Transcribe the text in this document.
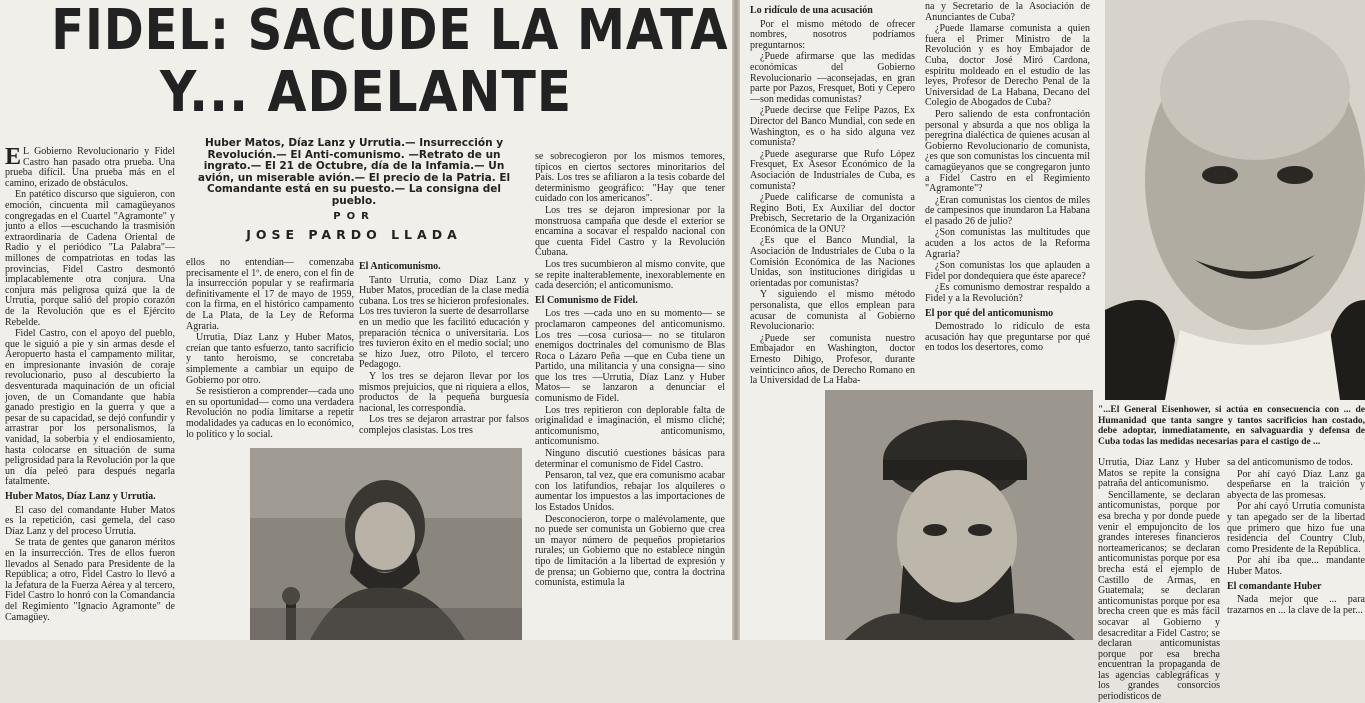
FIDEL: SACUDE LA MATA
Y... ADELANTE

E L Gobierno Revolucionario y Fidel Castro han pasado otra prueba. Una prueba difícil. Una prueba más en el camino, erizado de obstáculos.

En patético discurso que siguieron, con emoción, cincuenta mil camagüeyanos congregadas en el Cuartel "Agramonte" y junto a ellos —escuchando la trasmisión extraordinaria de Cadena Oriental de Radio y el periódico "La Palabra"— millones de compatriotas en todas las provincias, Fidel Castro desmontó implacablemente otra conjura. Una conjura más peligrosa quizá que la de Urrutia, porque salió del propio corazón de la Revolución que es el Ejército Rebelde.

Fidel Castro, con el apoyo del pueblo, que le siguió a pie y sin armas desde el Aeropuerto hasta el campamento militar, en impresionante invasión de coraje revolucionario, puso al descubierto la desventurada maquinación de un oficial joven, de un Comandante que había ganado prestigio en la guerra y que a pesar de su capacidad, se dejó confundir y arrastrar por los personalismos, la vanidad, la soberbia y el endiosamiento, hasta colocarse en situación de suma peligrosidad para la Revolución por la que un día peleó para después negarla fatalmente.

Huber Matos, Díaz Lanz y Urrutia.

El caso del comandante Huber Matos es la repetición, casi gemela, del caso Díaz Lanz y del proceso Urrutia.

Se trata de gentes que ganaron méritos en la insurrección. Tres de ellos fueron llevados al Senado para Presidente de la República; a otro, Fidel Castro lo llevó a la Jefatura de la Fuerza Aérea y al tercero, Fidel Castro lo honró con la Comandancia del Regimiento "Ignacio Agramonte" de Camagüey.

Huber Matos, Díaz Lanz y Urrutia.— Insurrección y Revolución.— El Anti-comunismo. —Retrato de un ingrato.— El 21 de Octubre, día de la Infamia.— Un avión, un miserable avión.— El precio de la Patria. El Comandante está en su puesto.— La consigna del pueblo.
POR
JOSE PARDO LLADA

ellos no entendían— comenzaba precisamente el 1º. de enero, con el fin de la insurrección popular y se reafirmaría definitivamente el 17 de mayo de 1959, con la firma, en el histórico campamento de La Plata, de la Ley de Reforma Agraria.

Urrutia, Díaz Lanz y Huber Matos, creían que tanto esfuerzo, tanto sacrificio y tanto heroísmo, se concretaba simplemente a cambiar un equipo de Gobierno por otro.

Se resistieron a comprender—cada uno en su oportunidad— como una verdadera Revolución no podía limitarse a repetir modalidades ya caducas en lo económico, lo político y lo social.

El Anticomunismo.

Tanto Urrutia, como Díaz Lanz y Huber Matos, procedían de la clase media cubana. Los tres se hicieron profesionales. Los tres tuvieron la suerte de desarrollarse en un medio que les facilitó educación y preparación técnica o universitaria. Los tres tuvieron éxito en el medio social; uno se hizo Juez, otro Piloto, el tercero Pedagogo.

Y los tres se dejaron llevar por los mismos prejuicios, que ni riquiera a ellos, productos de la pequeña burguesía nacional, les correspondía.

Los tres se dejaron arrastrar por falsos complejos clasistas. Los tres

se sobrecogieron por los mismos temores, típicos en ciertos sectores minoritarios del País. Los tres se afiliaron a la tesis cobarde del determinismo geográfico: "Hay que tener cuidado con los americanos".

Los tres se dejaron impresionar por la monstruosa campaña que desde el exterior se encamina a socavar el respaldo nacional con que cuenta Fidel Castro y la Revolución Cubana.

Los tres sucumbieron al mismo convite, que se repite inalterablemente, inexorablemente en cada deserción; el anticomunismo.

El Comunismo de Fidel.

Los tres —cada uno en su momento— se proclamaron campeones del anticomunismo. Los tres —cosa curiosa— no se titularon enemigos doctrinales del comunismo de Blas Roca o Lázaro Peña —que en Cuba tiene un Partido, una militancia y una consigna— sino que los tres —Urrutia, Díaz Lanz y Huber Matos— se lanzaron a denunciar el comunismo de Fidel.

Los tres repitieron con deplorable falta de originalidad e imaginación, el mismo cliché; anticomunismo, anticomunismo, anticomunismo.

Ninguno discutió cuestiones básicas para determinar el comunismo de Fidel Castro.

Pensaron, tal vez, que era comunismo acabar con los latifundios, rebajar los alquileres o aumentar los impuestos a las importaciones de los Estados Unidos.

Desconocieron, torpe o malévolamente, que no puede ser comunista un Gobierno que crea un mayor número de pequeños propietarios rurales; un Gobierno que no establece ningún tipo de limitación a la libertad de expresión y de prensa; un Gobierno que, contra la doctrina comunista, estimula la

Lo ridículo de una acusación

Por el mismo método de ofrecer nombres, nosotros podríamos preguntarnos:

¿Puede afirmarse que las medidas económicas del Gobierno Revolucionario —aconsejadas, en gran parte por Pazos, Fresquet, Boti y Cepero —son medidas comunistas?

¿Puede decirse que Felipe Pazos, Ex Director del Banco Mundial, con sede en Washington, es o ha sido alguna vez comunista?

¿Puede asegurarse que Rufo López Fresquet, Ex Asesor Económico de la Asociación de Industriales de Cuba, es comunista?

¿Puede calificarse de comunista a Regino Boti, Ex Auxiliar del doctor Prebisch, Secretario de la Organización Económica de la ONU?

¿Es que el Banco Mundial, la Asociación de Industriales de Cuba o la Comisión Económica de las Naciones Unidas, son instituciones dirigidas u orientadas por comunistas?

Y siguiendo el mismo método personalista, que ellos emplean para acusar de comunista al Gobierno Revolucionario:

¿Puede ser comunista nuestro Embajador en Washington, doctor Ernesto Dihigo, Profesor, durante veinticinco años, de Derecho Romano en la Universidad de La Haba-

na y Secretario de la Asociación de Anunciantes de Cuba?

¿Puede llamarse comunista a quien fuera el Primer Ministro de la Revolución y es hoy Embajador de Cuba, doctor José Miró Cardona, espíritu moldeado en el estudio de las leyes, Profesor de Derecho Penal de la Universidad de La Habana, Decano del Colegio de Abogados de Cuba?

Pero saliendo de esta confrontación personal y absurda a que nos obliga la peregrina dialéctica de quienes acusan al Gobierno Revolucionario de comunista, ¿es que son comunistas los cincuenta mil camagüeyanos que se congregaron junto a Fidel Castro en el Regimiento "Agramonte"?

¿Eran comunistas los cientos de miles de campesinos que inundaron La Habana el pasado 26 de julio?

¿Son comunistas las multitudes que acuden a los actos de la Reforma Agraria?

¿Son comunistas los que aplauden a Fidel por dondequiera que éste aparece?

¿Es comunismo demostrar respaldo a Fidel y a la Revolución?

El por qué del anticomunismo

Demostrado lo ridículo de esta acusación hay que preguntarse por qué en todos los desertores, como

"...El General Eisenhower, si actúa en consecuencia con ... de Humanidad que tanta sangre y tantos sacrificios han costado, debe adoptar, inmediatamente, en salvaguardia y defensa de Cuba todas las medidas necesarias para el castigo de ...

Urrutia, Díaz Lanz y Huber Matos se repite la consigna patraña del anticomunismo.

Sencillamente, se declaran anticomunistas, porque por esa brecha y por donde puede venir el empujoncito de los grandes intereses financieros norteamericanos; se declaran anticomunistas porque por esa brecha está el ejemplo de Castillo de Armas, en Guatemala; se declaran anticomunistas porque por esa brecha creen que es más fácil socavar al Gobierno y desacreditar a Fidel Castro; se declaran anticomunistas porque por esa brecha encuentran la propaganda de las agencias cablegráficas y los grandes consorcios periodísticos de

sa del anticomunismo de todos.

Por ahí cayó Díaz Lanz ga despeñarse en la traición y abyecta de las promesas.

Por ahí cayó Urrutia comunista y tan apegado ser de la libertad que primero que hizo fue una residencia del Country Club, como Presidente de la República.

Por ahí iba que... mandante Huber Matos.

El comandante Huber

Nada mejor que ... para trazarnos en ... la clave de la per...
